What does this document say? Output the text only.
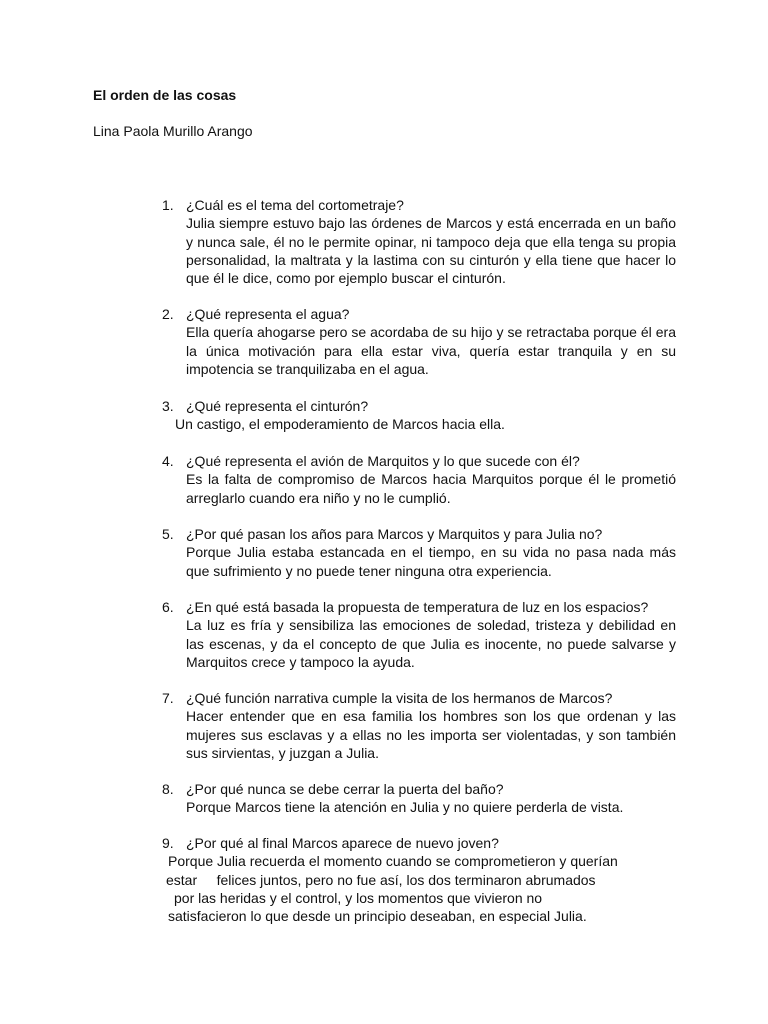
El orden de las cosas
Lina Paola Murillo Arango
1. ¿Cuál es el tema del cortometraje?
Julia siempre estuvo bajo las órdenes de Marcos y está encerrada en un baño y nunca sale, él no le permite opinar, ni tampoco deja que ella tenga su propia personalidad, la maltrata y la lastima con su cinturón y ella tiene que hacer lo que él le dice, como por ejemplo buscar el cinturón.
2. ¿Qué representa el agua?
Ella quería ahogarse pero se acordaba de su hijo y se retractaba porque él era la única motivación para ella estar viva, quería estar tranquila y en su impotencia se tranquilizaba en el agua.
3. ¿Qué representa el cinturón?
Un castigo, el empoderamiento de Marcos hacia ella.
4. ¿Qué representa el avión de Marquitos y lo que sucede con él?
Es la falta de compromiso de Marcos hacia Marquitos porque él le prometió arreglarlo cuando era niño y no le cumplió.
5. ¿Por qué pasan los años para Marcos y Marquitos y para Julia no?
Porque Julia estaba estancada en el tiempo, en su vida no pasa nada más que sufrimiento y no puede tener ninguna otra experiencia.
6. ¿En qué está basada la propuesta de temperatura de luz en los espacios?
La luz es fría y sensibiliza las emociones de soledad, tristeza y debilidad en las escenas, y da el concepto de que Julia es inocente, no puede salvarse y Marquitos crece y tampoco la ayuda.
7. ¿Qué función narrativa cumple la visita de los hermanos de Marcos?
Hacer entender que en esa familia los hombres son los que ordenan y las mujeres sus esclavas y a ellas no les importa ser violentadas, y son también sus sirvientas, y juzgan a Julia.
8. ¿Por qué nunca se debe cerrar la puerta del baño?
Porque Marcos tiene la atención en Julia y no quiere perderla de vista.
9. ¿Por qué al final Marcos aparece de nuevo joven?
Porque Julia recuerda el momento cuando se comprometieron y querían
estar     felices juntos, pero no fue así, los dos terminaron abrumados
por las heridas y el control, y los momentos que vivieron no
satisfacieron lo que desde un principio deseaban, en especial Julia.
